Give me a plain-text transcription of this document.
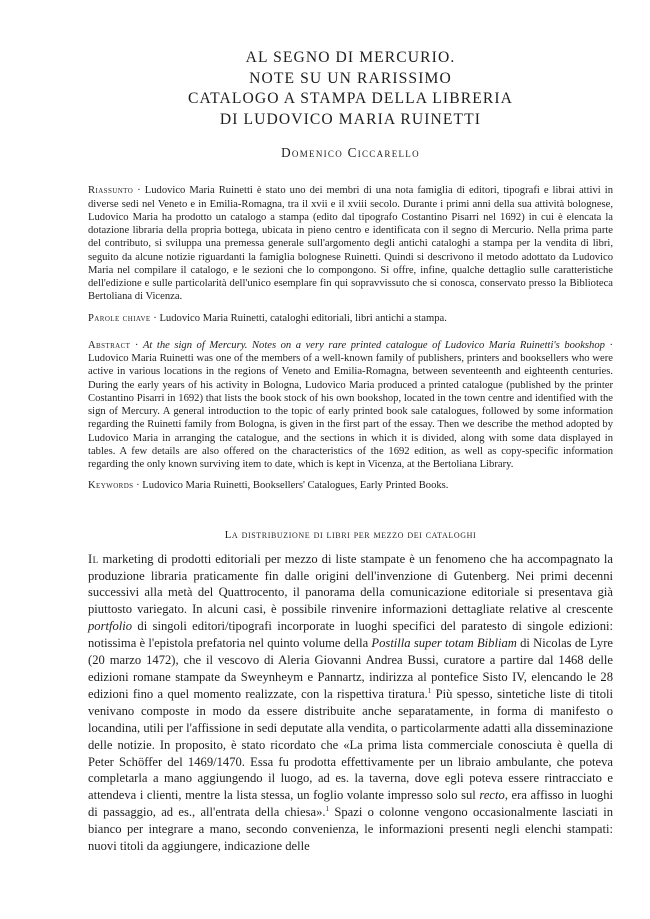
AL SEGNO DI MERCURIO.
NOTE SU UN RARISSIMO
CATALOGO A STAMPA DELLA LIBRERIA
DI LUDOVICO MARIA RUINETTI
Domenico Ciccarello

Riassunto · Ludovico Maria Ruinetti è stato uno dei membri di una nota famiglia di editori, tipografi e librai attivi in diverse sedi nel Veneto e in Emilia-Romagna, tra il xvii e il xviii secolo. Durante i primi anni della sua attività bolognese, Ludovico Maria ha prodotto un catalogo a stampa (edito dal tipografo Costantino Pisarri nel 1692) in cui è elencata la dotazione libraria della propria bottega, ubicata in pieno centro e identificata con il segno di Mercurio. Nella prima parte del contributo, si sviluppa una premessa generale sull'argomento degli antichi cataloghi a stampa per la vendita di libri, seguito da alcune notizie riguardanti la famiglia bolognese Ruinetti. Quindi si descrivono il metodo adottato da Ludovico Maria nel compilare il catalogo, e le sezioni che lo compongono. Si offre, infine, qualche dettaglio sulle caratteristiche dell'edizione e sulle particolarità dell'unico esemplare fin qui sopravvissuto che si conosca, conservato presso la Biblioteca Bertoliana di Vicenza.

Parole chiave · Ludovico Maria Ruinetti, cataloghi editoriali, libri antichi a stampa.

Abstract · At the sign of Mercury. Notes on a very rare printed catalogue of Ludovico Maria Ruinetti's bookshop · Ludovico Maria Ruinetti was one of the members of a well-known family of publishers, printers and booksellers who were active in various locations in the regions of Veneto and Emilia-Romagna, between seventeenth and eighteenth centuries. During the early years of his activity in Bologna, Ludovico Maria produced a printed catalogue (published by the printer Costantino Pisarri in 1692) that lists the book stock of his own bookshop, located in the town centre and identified with the sign of Mercury. A general introduction to the topic of early printed book sale catalogues, followed by some information regarding the Ruinetti family from Bologna, is given in the first part of the essay. Then we describe the method adopted by Ludovico Maria in arranging the catalogue, and the sections in which it is divided, along with some data displayed in tables. A few details are also offered on the characteristics of the 1692 edition, as well as copy-specific information regarding the only known surviving item to date, which is kept in Vicenza, at the Bertoliana Library.

Keywords · Ludovico Maria Ruinetti, Booksellers' Catalogues, Early Printed Books.

La distribuzione di libri per mezzo dei cataloghi

Il marketing di prodotti editoriali per mezzo di liste stampate è un fenomeno che ha accompagnato la produzione libraria praticamente fin dalle origini dell'invenzione di Gutenberg. Nei primi decenni successivi alla metà del Quattrocento, il panorama della comunicazione editoriale si presentava già piuttosto variegato. In alcuni casi, è possibile rinvenire informazioni dettagliate relative al crescente portfolio di singoli editori/tipografi incorporate in luoghi specifici del paratesto di singole edizioni: notissima è l'epistola prefatoria nel quinto volume della Postilla super totam Bibliam di Nicolas de Lyre (20 marzo 1472), che il vescovo di Aleria Giovanni Andrea Bussi, curatore a partire dal 1468 delle edizioni romane stampate da Sweynheym e Pannartz, indirizza al pontefice Sisto IV, elencando le 28 edizioni fino a quel momento realizzate, con la rispettiva tiratura.$^1$ Più spesso, sintetiche liste di titoli venivano composte in modo da essere distribuite anche separatamente, in forma di manifesto o locandina, utili per l'affissione in sedi deputate alla vendita, o particolarmente adatti alla disseminazione delle notizie. In proposito, è stato ricordato che «La prima lista commerciale conosciuta è quella di Peter Schöffer del 1469/1470. Essa fu prodotta effettivamente per un libraio ambulante, che poteva completarla a mano aggiungendo il luogo, ad es. la taverna, dove egli poteva essere rintracciato e attendeva i clienti, mentre la lista stessa, un foglio volante impresso solo sul recto, era affisso in luoghi di passaggio, ad es., all'entrata della chiesa».$^1$ Spazi o colonne vengono occasionalmente lasciati in bianco per integrare a mano, secondo convenienza, le informazioni presenti negli elenchi stampati: nuovi titoli da aggiungere, indicazione delle
